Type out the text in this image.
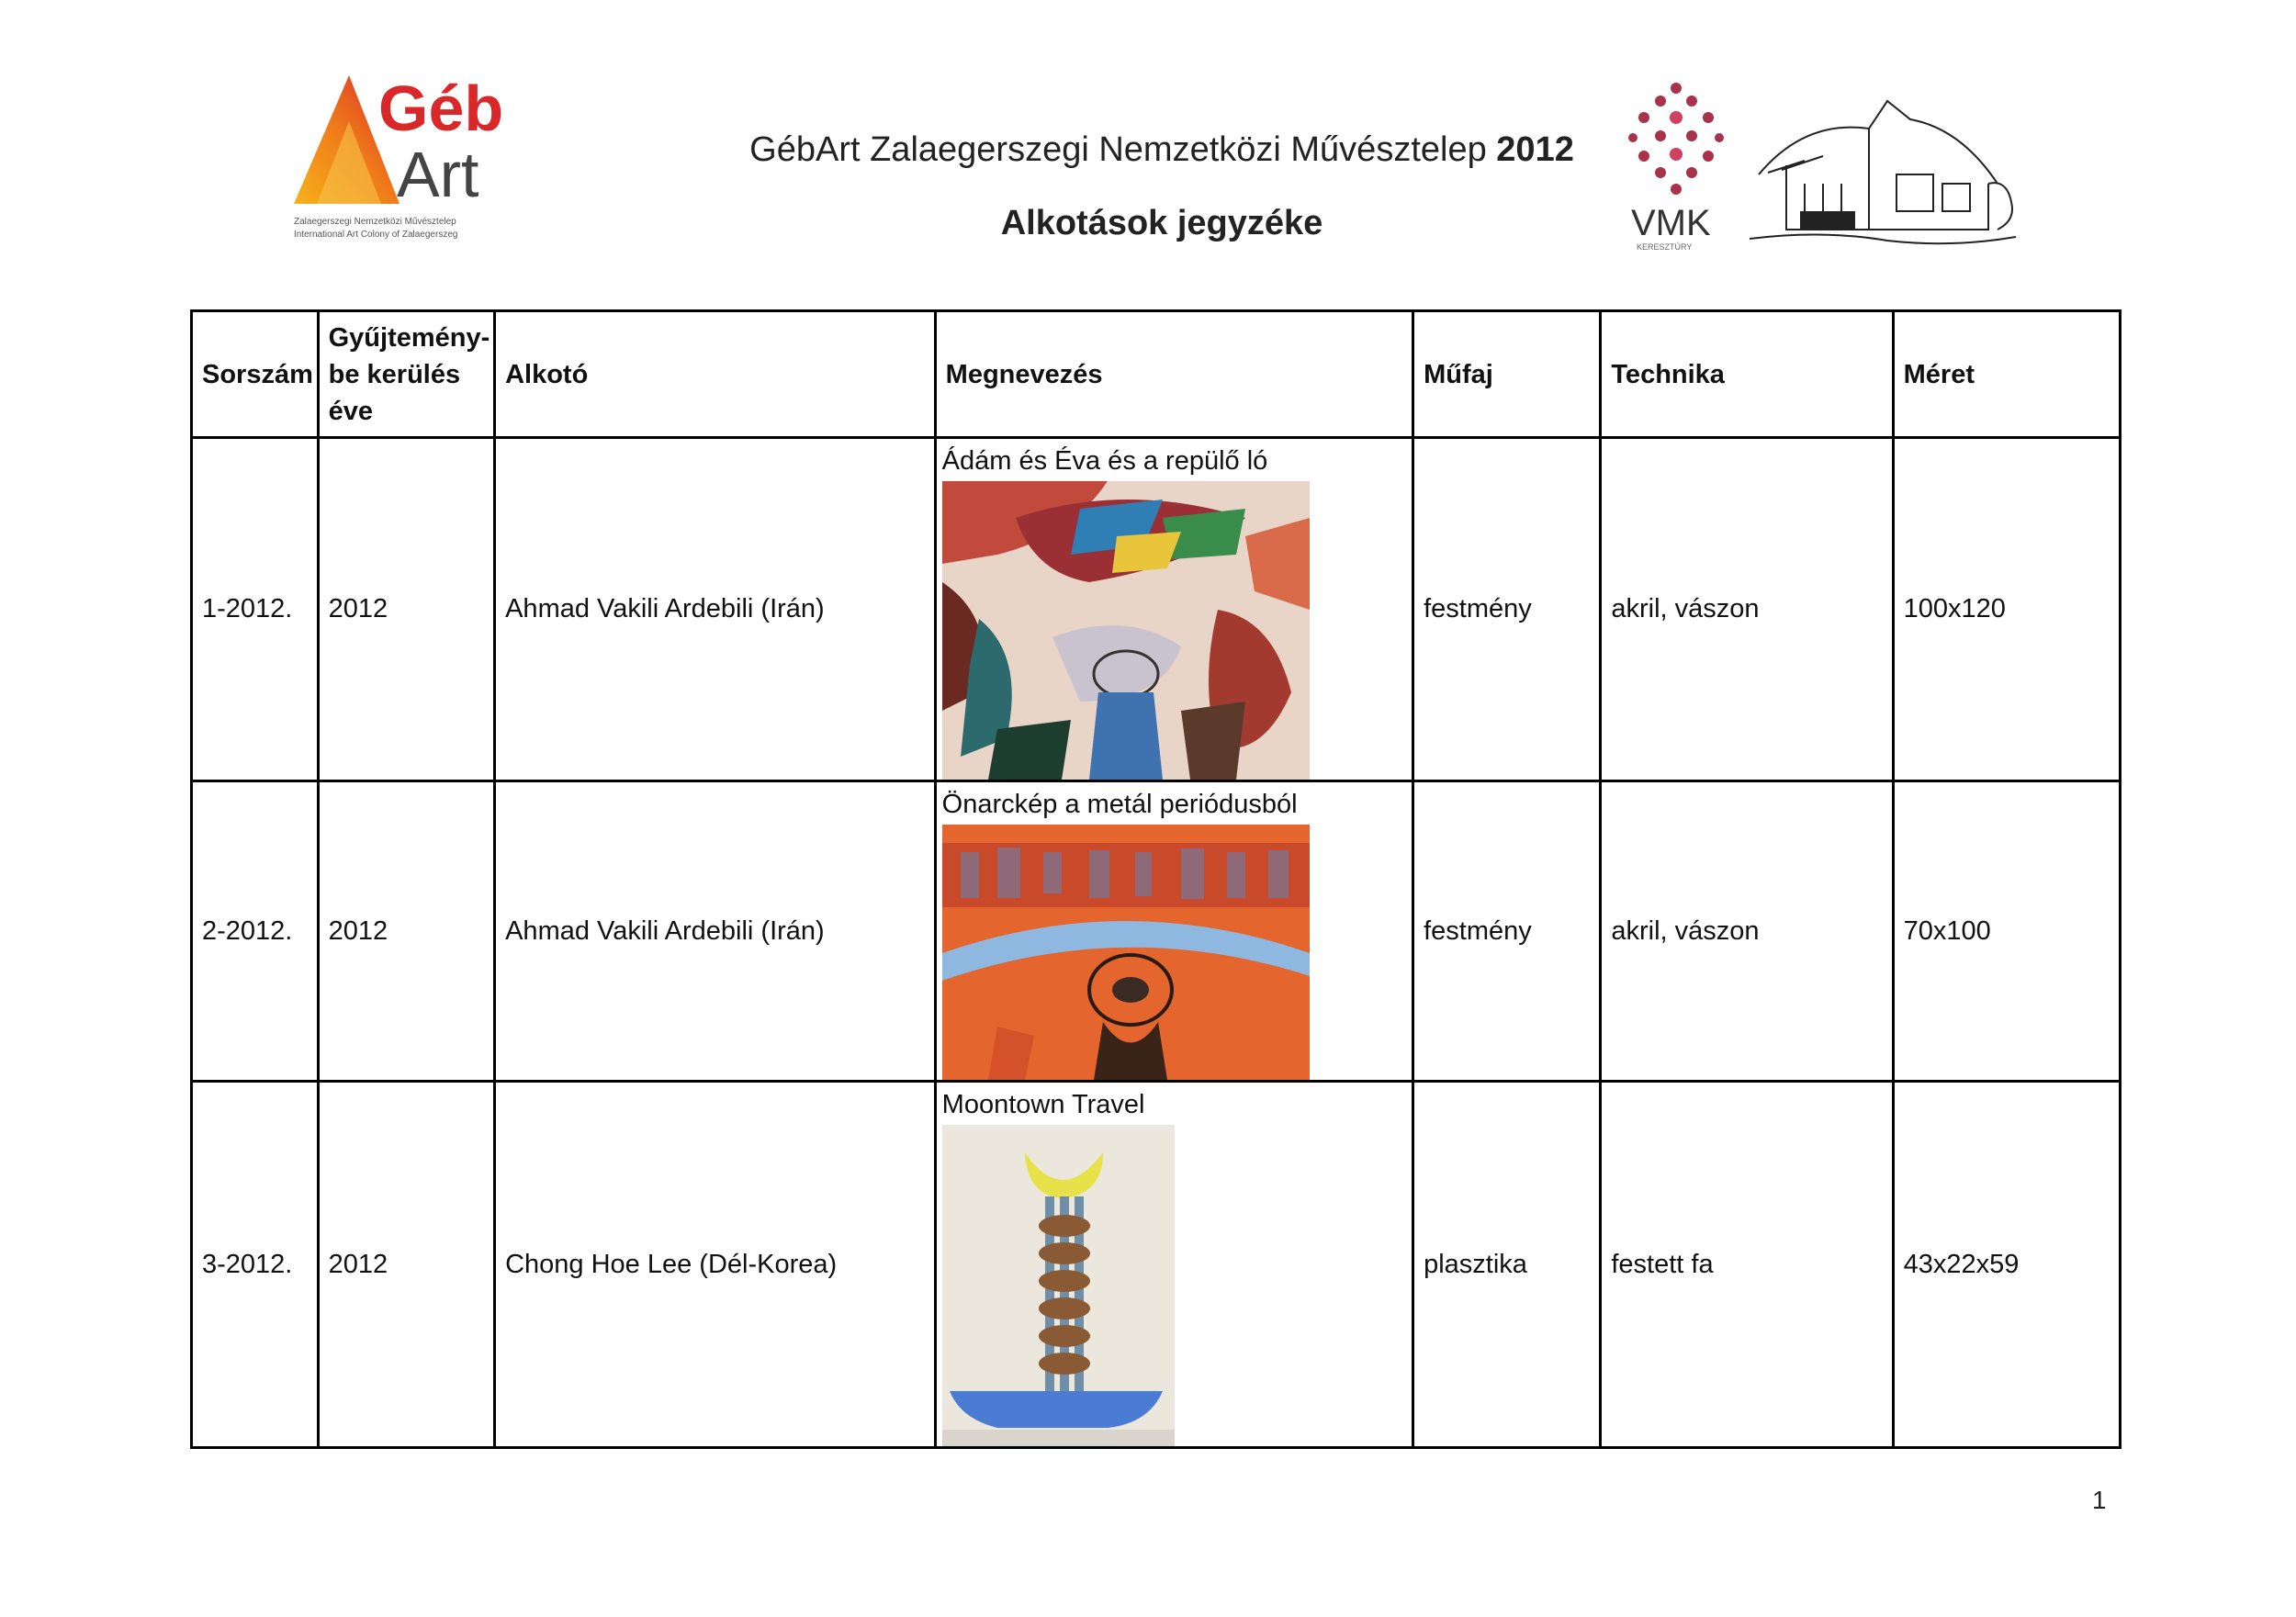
Géb
Art
Zalaegerszegi Nemzetközi Művésztelep
International Art Colony of Zalaegerszeg
GébArt Zalaegerszegi Nemzetközi Művésztelep 2012
Alkotások jegyzéke	VMK
KERESZTÚRY
Sorszám	Gyűjtemény-be kerülés éve	Alkotó	Megnevezés	Műfaj	Technika	Méret
1-2012.	2012	Ahmad Vakili Ardebili (Irán)	Ádám és Éva és a repülő ló	festmény	akril, vászon	100x120
2-2012.	2012	Ahmad Vakili Ardebili (Irán)	Önarckép a metál periódusból	festmény	akril, vászon	70x100
3-2012.	2012	Chong Hoe Lee (Dél-Korea)	Moontown Travel	plasztika	festett fa	43x22x59
1
